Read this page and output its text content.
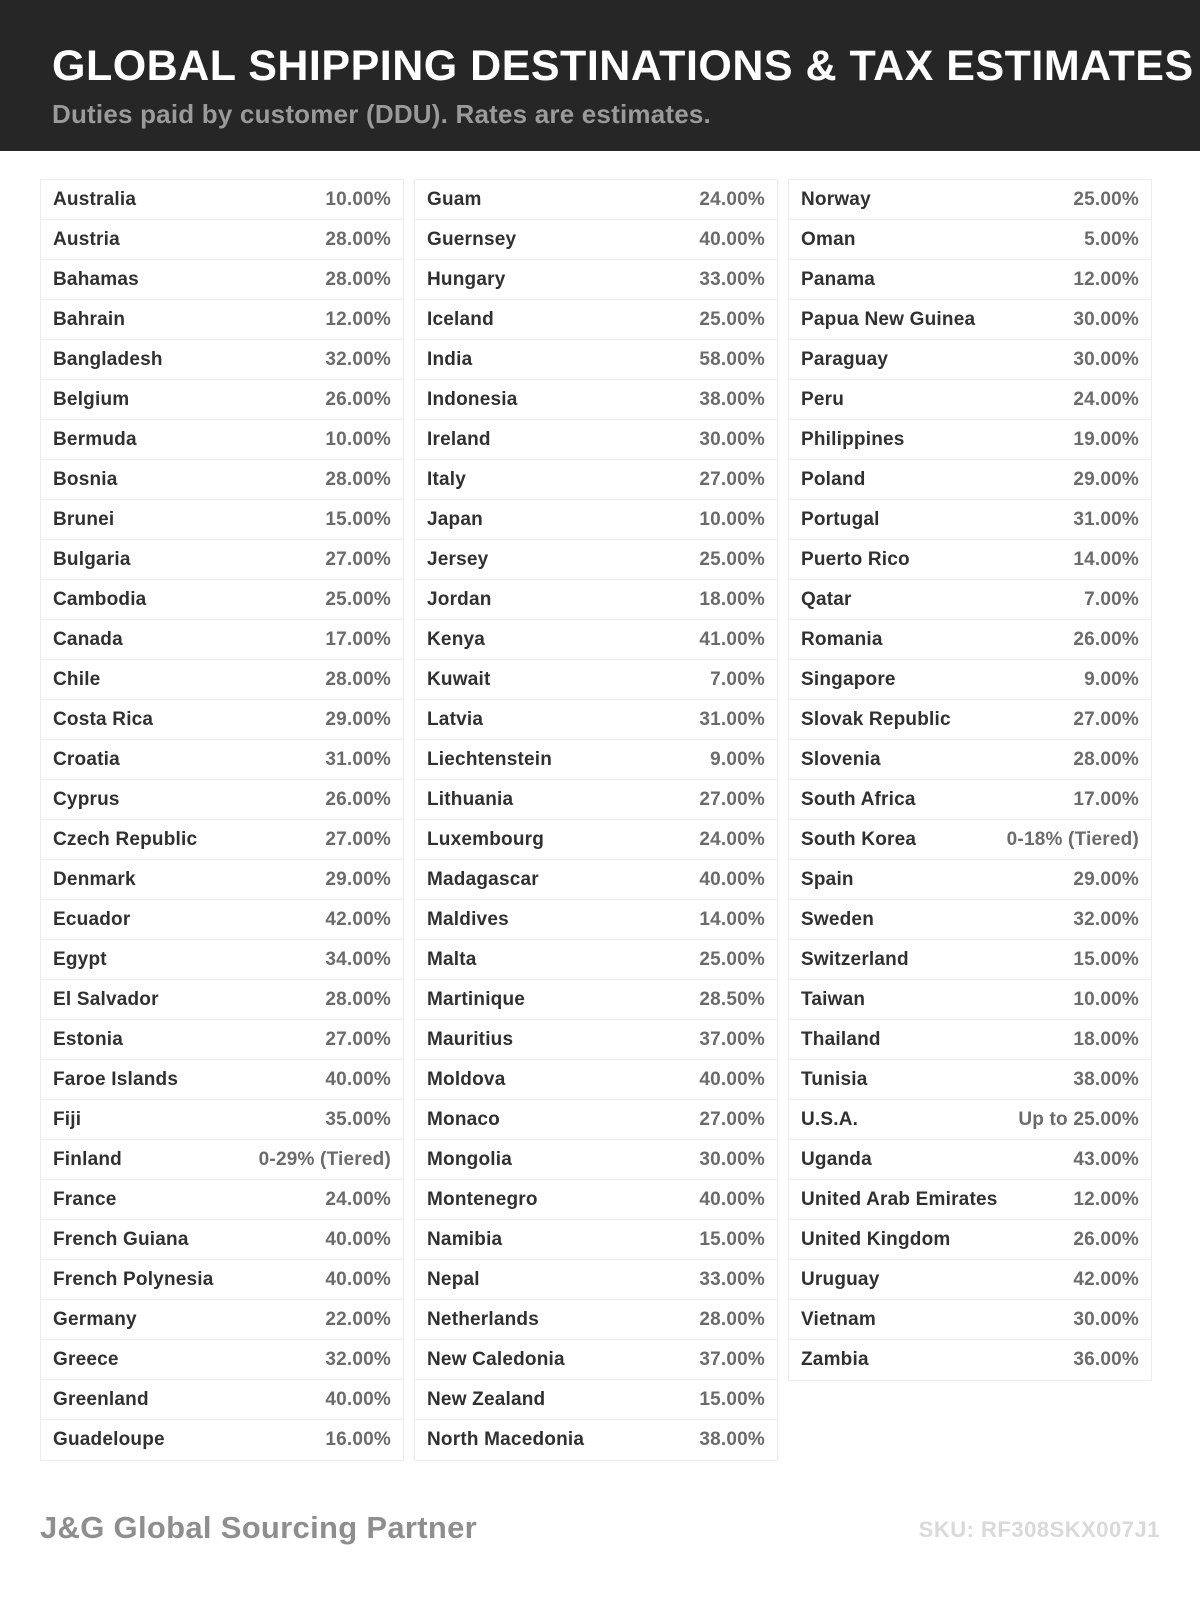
GLOBAL SHIPPING DESTINATIONS & TAX ESTIMATES
Duties paid by customer (DDU). Rates are estimates.
Australia	10.00%
Austria	28.00%
Bahamas	28.00%
Bahrain	12.00%
Bangladesh	32.00%
Belgium	26.00%
Bermuda	10.00%
Bosnia	28.00%
Brunei	15.00%
Bulgaria	27.00%
Cambodia	25.00%
Canada	17.00%
Chile	28.00%
Costa Rica	29.00%
Croatia	31.00%
Cyprus	26.00%
Czech Republic	27.00%
Denmark	29.00%
Ecuador	42.00%
Egypt	34.00%
El Salvador	28.00%
Estonia	27.00%
Faroe Islands	40.00%
Fiji	35.00%
Finland	0-29% (Tiered)
France	24.00%
French Guiana	40.00%
French Polynesia	40.00%
Germany	22.00%
Greece	32.00%
Greenland	40.00%
Guadeloupe	16.00%
Guam	24.00%
Guernsey	40.00%
Hungary	33.00%
Iceland	25.00%
India	58.00%
Indonesia	38.00%
Ireland	30.00%
Italy	27.00%
Japan	10.00%
Jersey	25.00%
Jordan	18.00%
Kenya	41.00%
Kuwait	7.00%
Latvia	31.00%
Liechtenstein	9.00%
Lithuania	27.00%
Luxembourg	24.00%
Madagascar	40.00%
Maldives	14.00%
Malta	25.00%
Martinique	28.50%
Mauritius	37.00%
Moldova	40.00%
Monaco	27.00%
Mongolia	30.00%
Montenegro	40.00%
Namibia	15.00%
Nepal	33.00%
Netherlands	28.00%
New Caledonia	37.00%
New Zealand	15.00%
North Macedonia	38.00%
Norway	25.00%
Oman	5.00%
Panama	12.00%
Papua New Guinea	30.00%
Paraguay	30.00%
Peru	24.00%
Philippines	19.00%
Poland	29.00%
Portugal	31.00%
Puerto Rico	14.00%
Qatar	7.00%
Romania	26.00%
Singapore	9.00%
Slovak Republic	27.00%
Slovenia	28.00%
South Africa	17.00%
South Korea	0-18% (Tiered)
Spain	29.00%
Sweden	32.00%
Switzerland	15.00%
Taiwan	10.00%
Thailand	18.00%
Tunisia	38.00%
U.S.A.	Up to 25.00%
Uganda	43.00%
United Arab Emirates	12.00%
United Kingdom	26.00%
Uruguay	42.00%
Vietnam	30.00%
Zambia	36.00%
J&G Global Sourcing Partner	SKU: RF308SKX007J1
